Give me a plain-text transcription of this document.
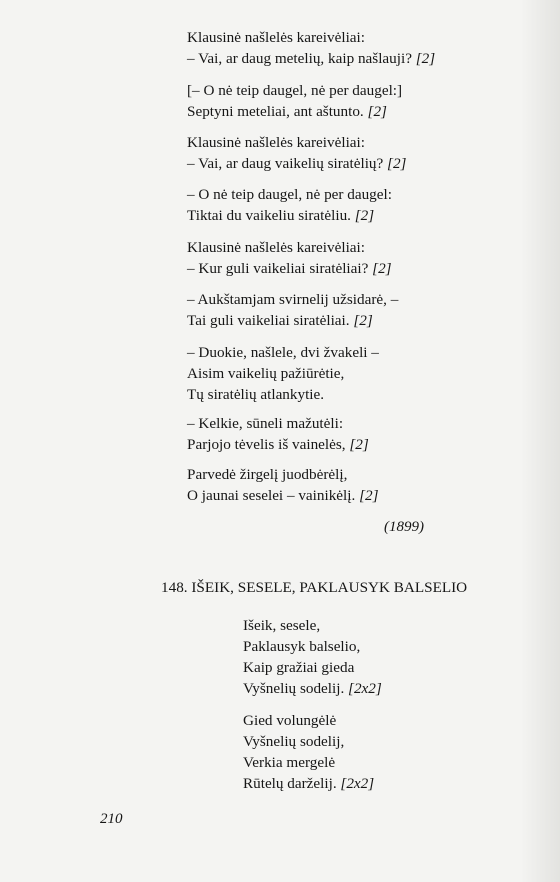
Klausinė našlelės kareivėliai:
– Vai, ar daug metelių, kaip našlauji? [2]
[– O nė teip daugel, nė per daugel:]
Septyni meteliai, ant aštunto. [2]
Klausinė našlelės kareivėliai:
– Vai, ar daug vaikelių siratėlių? [2]
– O nė teip daugel, nė per daugel:
Tiktai du vaikeliu siratėliu. [2]
Klausinė našlelės kareivėliai:
– Kur guli vaikeliai siratėliai? [2]
– Aukštamjam svirnelij užsidarė, –
Tai guli vaikeliai siratėliai. [2]
– Duokie, našlele, dvi žvakeli –
Aisim vaikelių pažiūrėtie,
Tų siratėlių atlankytie.
– Kelkie, sūneli mažutėli:
Parjojo tėvelis iš vainelės, [2]
Parvedė žirgelį juodbėrėlį,
O jaunai seselei – vainikėlį. [2]
(1899)
148. IŠEIK, SESELE, PAKLAUSYK BALSELIO
Išeik, sesele,
Paklausyk balselio,
Kaip gražiai gieda
Vyšnelių sodelij. [2x2]
Gied volungėlė
Vyšnelių sodelij,
Verkia mergelė
Rūtelų darželij. [2x2]
210
